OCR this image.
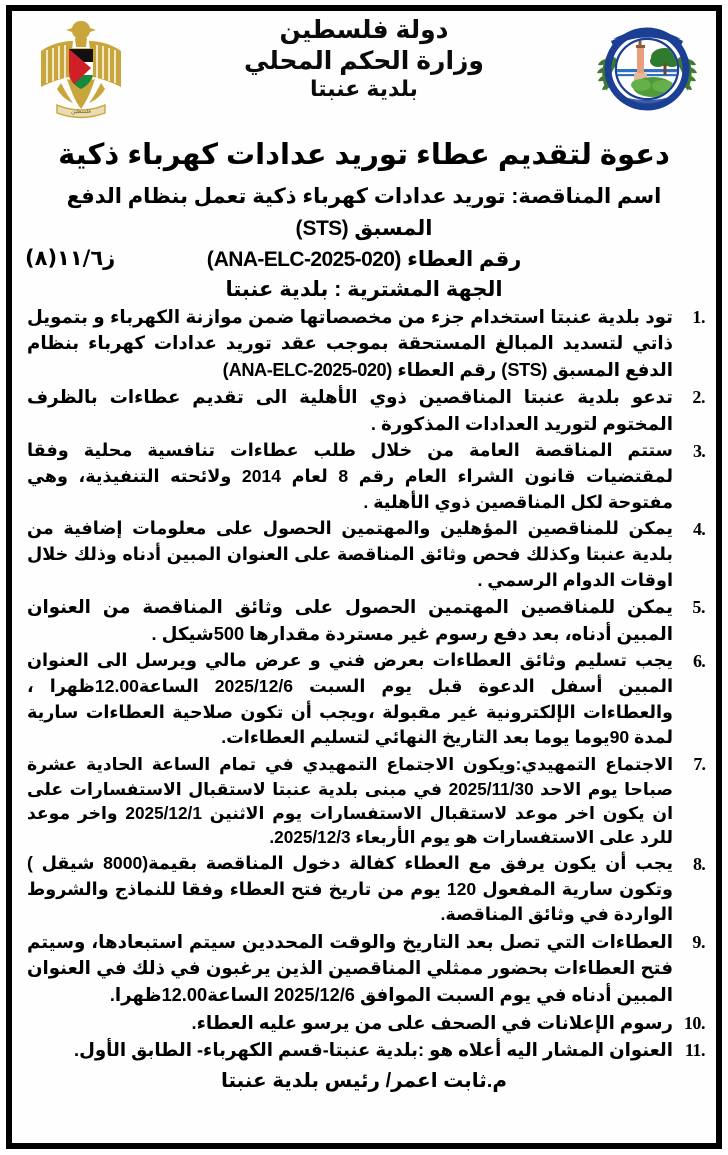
دولة فلسطين
وزارة الحكم المحلي
بلدية عنبتا
فلسطين
دعوة لتقديم عطاء توريد عدادات كهرباء ذكية
اسم المناقصة: توريد عدادات كهرباء ذكية تعمل بنظام الدفع المسبق (STS)
رقم العطاء (ANA-ELC-2025-020)
ز١١/٦(٨)
الجهة المشترية : بلدية عنبتا
تود بلدية عنبتا استخدام جزء من مخصصاتها ضمن موازنة الكهرباء و بتمويل ذاتي لتسديد المبالغ المستحقة بموجب عقد توريد عدادات كهرباء بنظام الدفع المسبق (STS) رقم العطاء (ANA-ELC-2025-020)
تدعو بلدية عنبتا المناقصين ذوي الأهلية الى تقديم عطاءات بالظرف المختوم لتوريد العدادات المذكورة .
ستتم المناقصة العامة من خلال طلب عطاءات تنافسية محلية وفقا لمقتضيات قانون الشراء العام رقم 8 لعام 2014 ولائحته التنفيذية، وهي مفتوحة لكل المناقصين ذوي الأهلية .
يمكن للمناقصين المؤهلين والمهتمين الحصول على معلومات إضافية من بلدية عنبتا وكذلك فحص وثائق المناقصة على العنوان المبين أدناه وذلك خلال اوقات الدوام الرسمي .
يمكن للمناقصين المهتمين الحصول على وثائق المناقصة من العنوان المبين أدناه، بعد دفع رسوم غير مستردة مقدارها 500شيكل .
يجب تسليم وثائق العطاءات بعرض فني و عرض مالي ويرسل الى العنوان المبين أسفل الدعوة قبل يوم السبت 2025/12/6 الساعة12.00ظهرا ، والعطاءات الإلكترونية غير مقبولة ،ويجب أن تكون صلاحية العطاءات سارية لمدة 90يوما يوما بعد التاريخ النهائي لتسليم العطاءات.
الاجتماع التمهيدي:ويكون الاجتماع التمهيدي في تمام الساعة الحادية عشرة صباحا يوم الاحد 2025/11/30 في مبنى بلدية عنبتا لاستقبال الاستفسارات على ان يكون اخر موعد لاستقبال الاستفسارات يوم الاثنين 2025/12/1 واخر موعد للرد على الاستفسارات هو يوم الأربعاء 2025/12/3.
يجب أن يكون يرفق مع العطاء كفالة دخول المناقصة بقيمة(8000 شيقل ) وتكون سارية المفعول 120 يوم من تاريخ فتح العطاء وفقا للنماذج والشروط الواردة في وثائق المناقصة.
العطاءات التي تصل بعد التاريخ والوقت المحددين سيتم استبعادها، وسيتم فتح العطاءات بحضور ممثلي المناقصين الذين يرغبون في ذلك في العنوان المبين أدناه في يوم السبت الموافق 2025/12/6 الساعة12.00ظهرا.
رسوم الإعلانات في الصحف على من يرسو عليه العطاء.
العنوان المشار اليه أعلاه هو :بلدية عنبتا-قسم الكهرباء- الطابق الأول.
م.ثابت اعمر/ رئيس بلدية عنبتا
